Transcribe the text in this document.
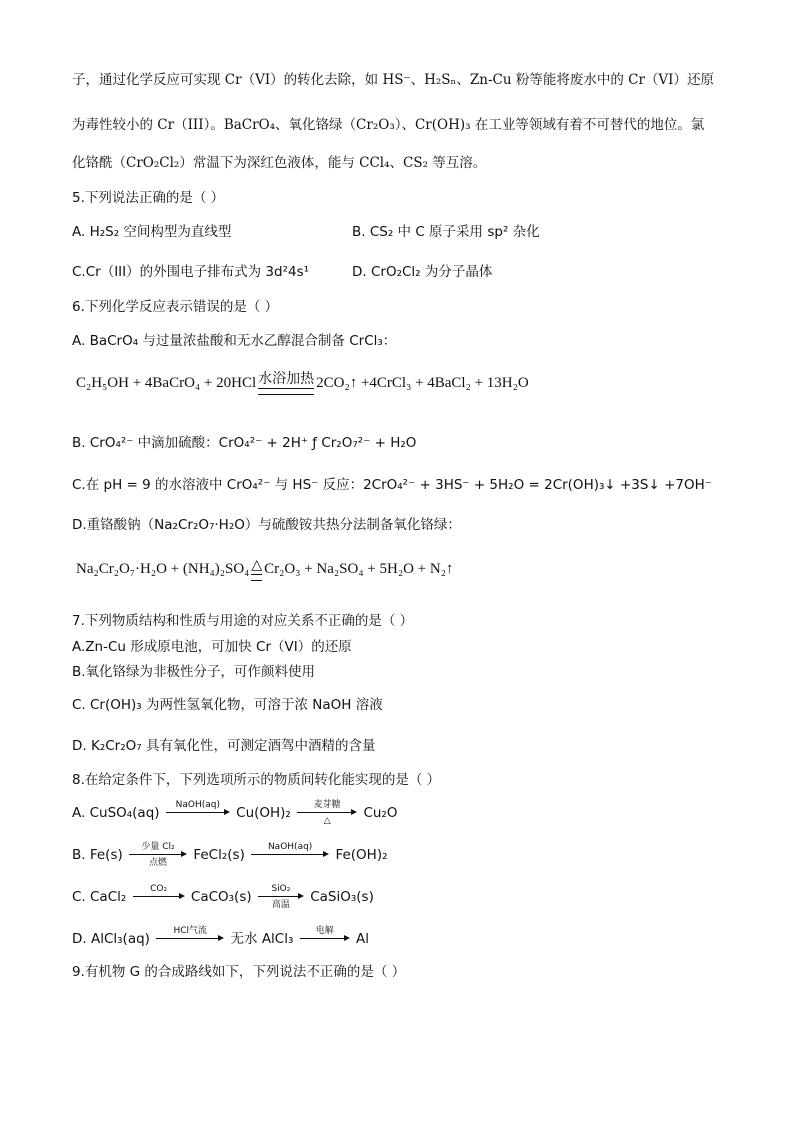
子，通过化学反应可实现 Cr（VI）的转化去除，如 HS⁻、H₂Sₙ、Zn-Cu 粉等能将废水中的 Cr（VI）还原
为毒性较小的 Cr（III）。BaCrO₄、氧化铬绿（Cr₂O₃）、Cr(OH)₃ 在工业等领域有着不可替代的地位。氯
化铬酰（CrO₂Cl₂）常温下为深红色液体，能与 CCl₄、CS₂ 等互溶。
5.下列说法正确的是（ ）
A. H₂S₂ 空间构型为直线型	B. CS₂ 中 C 原子采用 sp² 杂化
C.Cr（III）的外围电子排布式为 3d²4s¹	D. CrO₂Cl₂ 为分子晶体
6.下列化学反应表示错误的是（ ）
A. BaCrO₄ 与过量浓盐酸和无水乙醇混合制备 CrCl₃：
C₂H₅OH + 4BaCrO₄ + 20HCl 水浴加热 2CO₂↑ +4CrCl₃ + 4BaCl₂ + 13H₂O
B. CrO₄²⁻ 中滴加硫酸：CrO₄²⁻ + 2H⁺ ƒ Cr₂O₇²⁻ + H₂O
C.在 pH = 9 的水溶液中 CrO₄²⁻ 与 HS⁻ 反应：2CrO₄²⁻ + 3HS⁻ + 5H₂O = 2Cr(OH)₃↓ +3S↓ +7OH⁻
D.重铬酸钠（Na₂Cr₂O₇·H₂O）与硫酸铵共热分法制备氧化铬绿：
Na₂Cr₂O₇·H₂O + (NH₄)₂SO₄ △ Cr₂O₃ + Na₂SO₄ + 5H₂O + N₂↑
7.下列物质结构和性质与用途的对应关系不正确的是（ ）
A.Zn-Cu 形成原电池，可加快 Cr（VI）的还原
B.氧化铬绿为非极性分子，可作颜料使用
C. Cr(OH)₃ 为两性氢氧化物，可溶于浓 NaOH 溶液
D. K₂Cr₂O₇ 具有氧化性，可测定酒驾中酒精的含量
8.在给定条件下，下列选项所示的物质间转化能实现的是（ ）
A. CuSO₄(aq)	NaOH(aq)
	Cu(OH)₂	麦芽糖
△	Cu₂O
B. Fe(s)	少量 Cl₂
点燃	FeCl₂(s)	NaOH(aq)
	Fe(OH)₂
C. CaCl₂	CO₂
	CaCO₃(s)	SiO₂
高温	CaSiO₃(s)
D. AlCl₃(aq)	HCl气流
	无水 AlCl₃	电解
	Al
9.有机物 G 的合成路线如下，下列说法不正确的是（ ）
